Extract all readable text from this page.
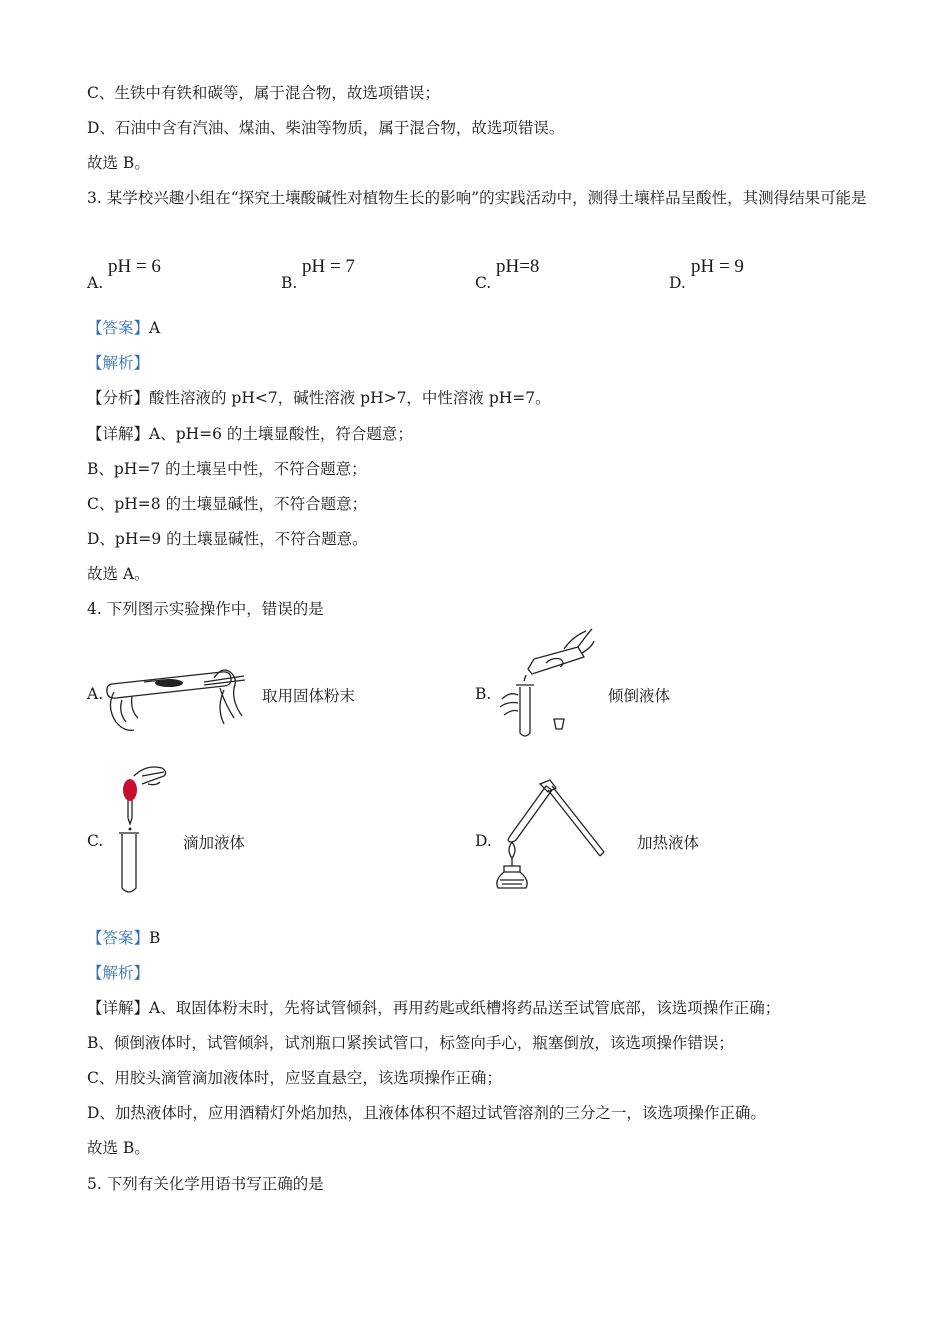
C、生铁中有铁和碳等，属于混合物，故选项错误；
D、石油中含有汽油、煤油、柴油等物质，属于混合物，故选项错误。
故选 B。
3. 某学校兴趣小组在“探究土壤酸碱性对植物生长的影响”的实践活动中，测得土壤样品呈酸性，其测得结果可能是
A.
pH = 6
B.
pH = 7
C.
pH=8
D.
pH = 9
【答案】A
【解析】
【分析】酸性溶液的 pH<7，碱性溶液 pH>7，中性溶液 pH=7。
【详解】A、pH=6 的土壤显酸性，符合题意；
B、pH=7 的土壤呈中性，不符合题意；
C、pH=8 的土壤显碱性，不符合题意；
D、pH=9 的土壤显碱性，不符合题意。
故选 A。
4. 下列图示实验操作中，错误的是
A.	取用固体粉末	B.	倾倒液体
C.	滴加液体	D.	加热液体
【答案】B
【解析】
【详解】A、取固体粉末时，先将试管倾斜，再用药匙或纸槽将药品送至试管底部，该选项操作正确；
B、倾倒液体时，试管倾斜，试剂瓶口紧挨试管口，标签向手心，瓶塞倒放，该选项操作错误；
C、用胶头滴管滴加液体时，应竖直悬空，该选项操作正确；
D、加热液体时，应用酒精灯外焰加热，且液体体积不超过试管溶剂的三分之一，该选项操作正确。
故选 B。
5. 下列有关化学用语书写正确的是
